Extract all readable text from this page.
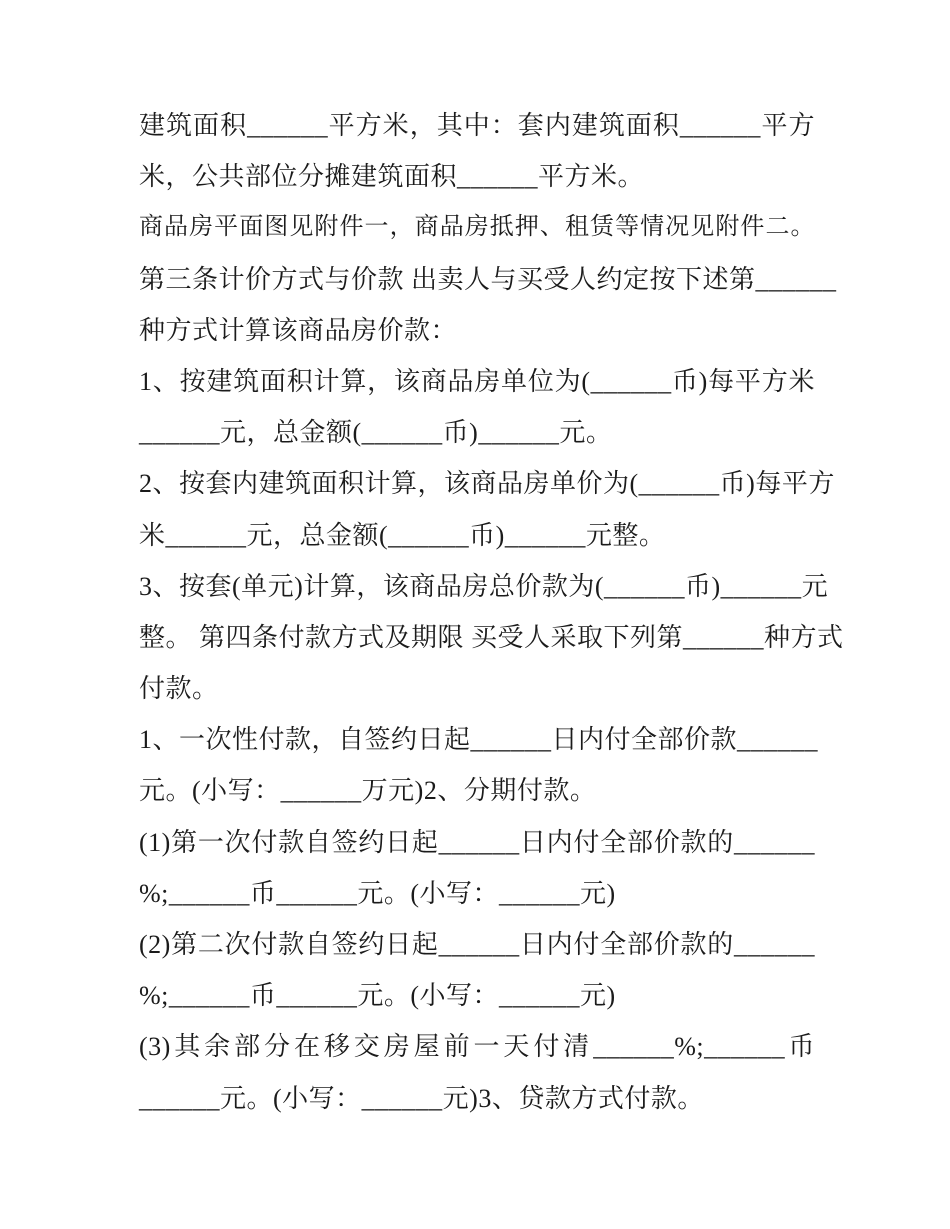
建筑面积______平方米，其中：套内建筑面积______平方
米，公共部位分摊建筑面积______平方米。
商品房平面图见附件一，商品房抵押、租赁等情况见附件二。
第三条计价方式与价款 出卖人与买受人约定按下述第______
种方式计算该商品房价款：
1、按建筑面积计算，该商品房单位为(______币)每平方米
______元，总金额(______币)______元。
2、按套内建筑面积计算，该商品房单价为(______币)每平方
米______元，总金额(______币)______元整。
3、按套(单元)计算，该商品房总价款为(______币)______元
整。 第四条付款方式及期限 买受人采取下列第______种方式
付款。
1、一次性付款，自签约日起______日内付全部价款______
元。(小写：______万元)2、分期付款。
(1)第一次付款自签约日起______日内付全部价款的______
%;______币______元。(小写：______元)
(2)第二次付款自签约日起______日内付全部价款的______
%;______币______元。(小写：______元)
(3)其余部分在移交房屋前一天付清______%;______币
______元。(小写：______元)3、贷款方式付款。
